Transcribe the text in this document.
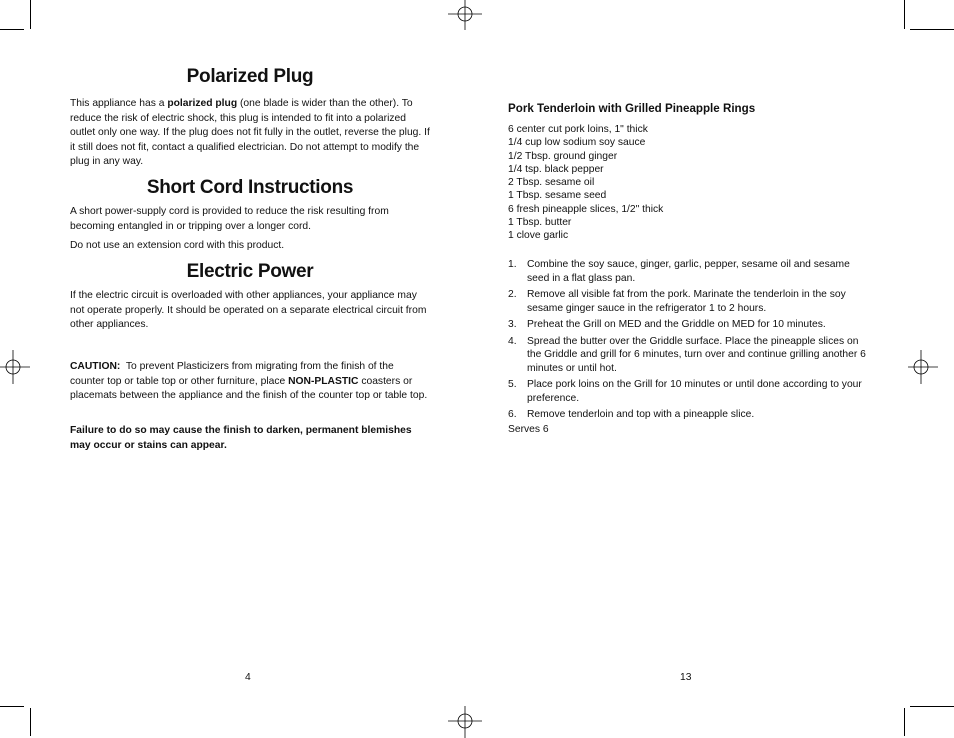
Polarized Plug

This appliance has a polarized plug (one blade is wider than the other). To reduce the risk of electric shock, this plug is intended to fit into a polarized outlet only one way. If the plug does not fit fully in the outlet, reverse the plug. If it still does not fit, contact a qualified electrician. Do not attempt to modify the plug in any way.

Short Cord Instructions

A short power-supply cord is provided to reduce the risk resulting from becoming entangled in or tripping over a longer cord.

Do not use an extension cord with this product.

Electric Power

If the electric circuit is overloaded with other appliances, your appliance may not operate properly. It should be operated on a separate electrical circuit from other appliances.

CAUTION:  To prevent Plasticizers from migrating from the finish of the counter top or table top or other furniture, place NON-PLASTIC coasters or placemats between the appliance and the finish of the counter top or table top.

Failure to do so may cause the finish to darken, permanent blemishes may occur or stains can appear.

4

Pork Tenderloin with Grilled Pineapple Rings

6 center cut pork loins, 1" thick
1/4 cup low sodium soy sauce
1/2 Tbsp. ground ginger
1/4 tsp. black pepper
2 Tbsp. sesame oil
1 Tbsp. sesame seed
6 fresh pineapple slices, 1/2" thick
1 Tbsp. butter
1 clove garlic
1. Combine the soy sauce, ginger, garlic, pepper, sesame oil and sesame seed in a flat glass pan.
2. Remove all visible fat from the pork. Marinate the tenderloin in the soy sesame ginger sauce in the refrigerator 1 to 2 hours.
3. Preheat the Grill on MED and the Griddle on MED for 10 minutes.
4. Spread the butter over the Griddle surface. Place the pineapple slices on the Griddle and grill for 6 minutes, turn over and continue grilling another 6 minutes or until hot.
5. Place pork loins on the Grill for 10 minutes or until done according to your preference.
6. Remove tenderloin and top with a pineapple slice.

Serves 6

13
